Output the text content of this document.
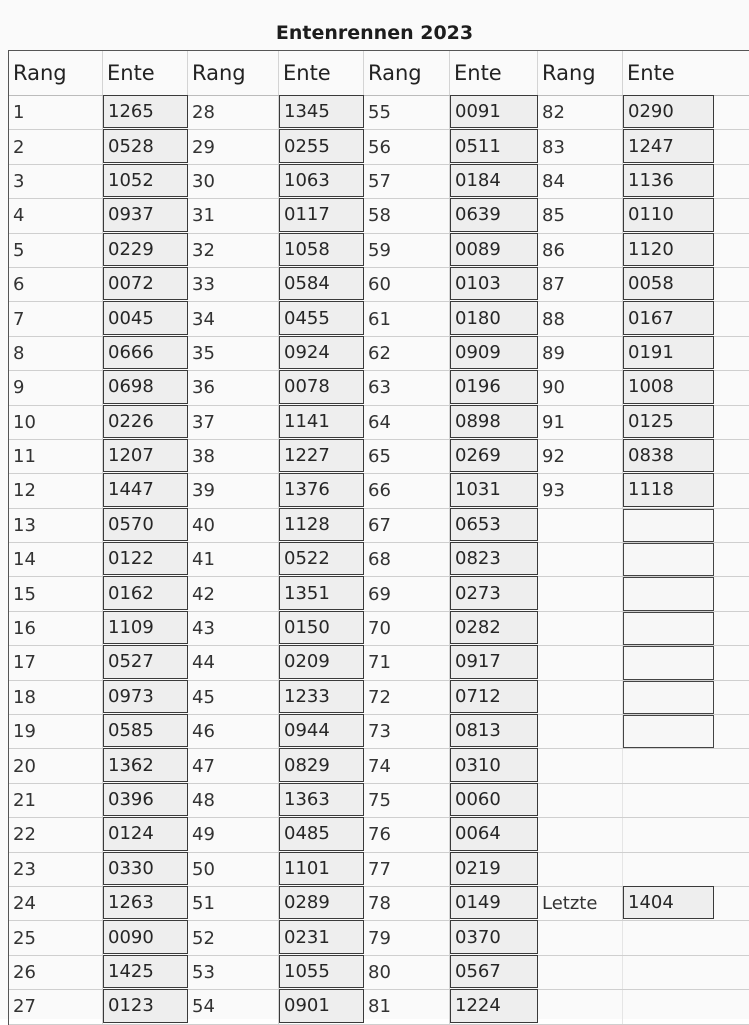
Entenrennen 2023
Rang	Ente	Rang	Ente	Rang	Ente	Rang	Ente
1	1265	28	1345	55	0091	82	0290
2	0528	29	0255	56	0511	83	1247
3	1052	30	1063	57	0184	84	1136
4	0937	31	0117	58	0639	85	0110
5	0229	32	1058	59	0089	86	1120
6	0072	33	0584	60	0103	87	0058
7	0045	34	0455	61	0180	88	0167
8	0666	35	0924	62	0909	89	0191
9	0698	36	0078	63	0196	90	1008
10	0226	37	1141	64	0898	91	0125
11	1207	38	1227	65	0269	92	0838
12	1447	39	1376	66	1031	93	1118
13	0570	40	1128	67	0653
14	0122	41	0522	68	0823
15	0162	42	1351	69	0273
16	1109	43	0150	70	0282
17	0527	44	0209	71	0917
18	0973	45	1233	72	0712
19	0585	46	0944	73	0813
20	1362	47	0829	74	0310
21	0396	48	1363	75	0060
22	0124	49	0485	76	0064
23	0330	50	1101	77	0219
24	1263	51	0289	78	0149	Letzte	1404
25	0090	52	0231	79	0370
26	1425	53	1055	80	0567
27	0123	54	0901	81	1224
